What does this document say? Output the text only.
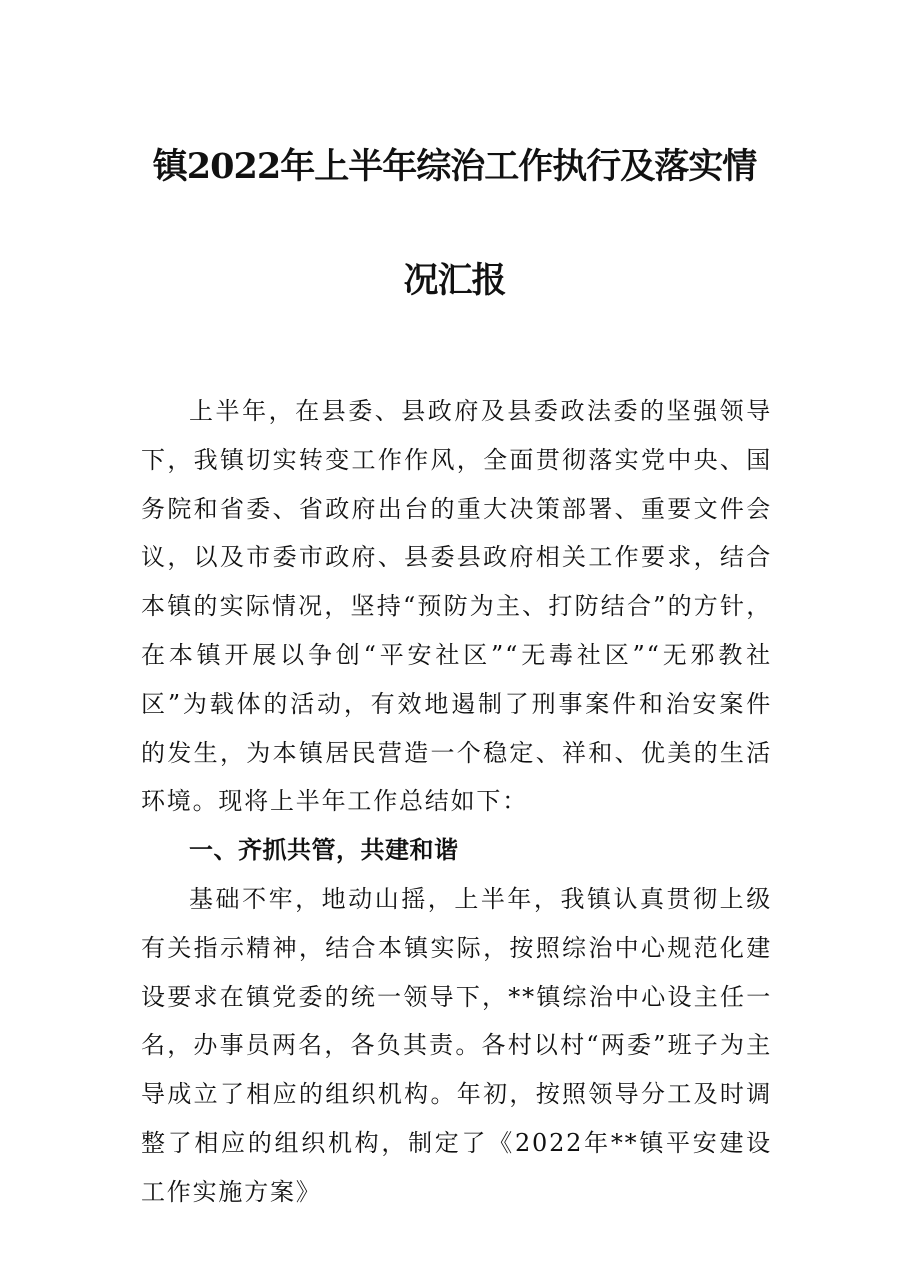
镇2022年上半年综治工作执行及落实情
况汇报

上半年，在县委、县政府及县委政法委的坚强领导下，我镇切实转变工作作风，全面贯彻落实党中央、国务院和省委、省政府出台的重大决策部署、重要文件会议，以及市委市政府、县委县政府相关工作要求，结合本镇的实际情况，坚持“预防为主、打防结合”的方针，在本镇开展以争创“平安社区”“无毒社区”“无邪教社区”为载体的活动，有效地遏制了刑事案件和治安案件的发生，为本镇居民营造一个稳定、祥和、优美的生活环境。现将上半年工作总结如下：

一、齐抓共管，共建和谐

基础不牢，地动山摇，上半年，我镇认真贯彻上级有关指示精神，结合本镇实际，按照综治中心规范化建设要求在镇党委的统一领导下，**镇综治中心设主任一名，办事员两名，各负其责。各村以村“两委”班子为主导成立了相应的组织机构。年初，按照领导分工及时调整了相应的组织机构，制定了《2022年**镇平安建设工作实施方案》
